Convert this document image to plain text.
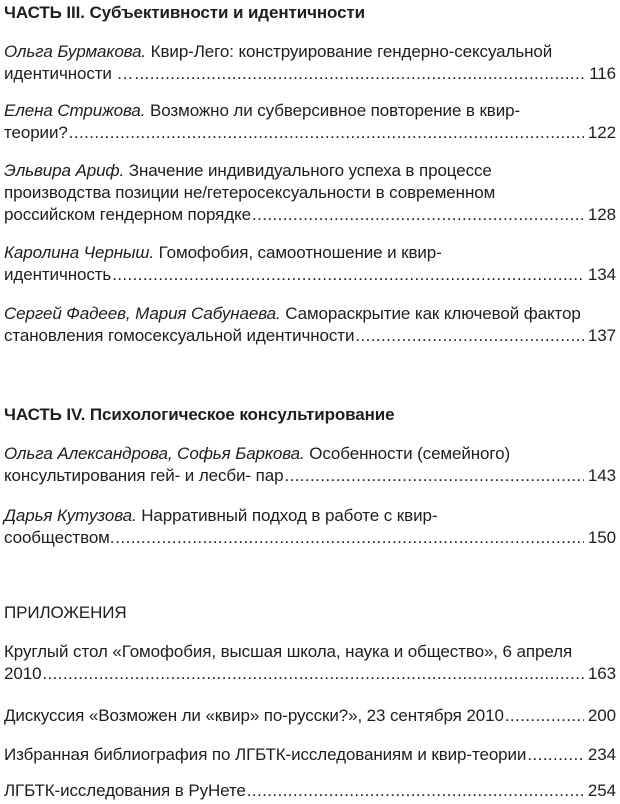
ЧАСТЬ III. Субъективности и идентичности
Ольга Бурмакова. Квир-Лего: конструирование гендерно-сексуальной
идентичности … .....	116
Елена Стрижова. Возможно ли субверсивное повторение в квир-
теории? .....	122
Эльвира Ариф. Значение индивидуального успеха в процессе
производства позиции не/гетеросексуальности в современном
российском гендерном порядке .....	128
Каролина Черныш. Гомофобия, самоотношение и квир-
идентичность .....	134
Сергей Фадеев, Мария Сабунаева. Самораскрытие как ключевой фактор
становления гомосексуальной идентичности .....	137
ЧАСТЬ IV. Психологическое консультирование
Ольга Александрова, Софья Баркова. Особенности (семейного)
консультирования гей- и лесби- пар .....	143
Дарья Кутузова. Нарративный подход в работе с квир-
сообществом. .....	150
ПРИЛОЖЕНИЯ
Круглый стол «Гомофобия, высшая школа, наука и общество», 6 апреля
2010 .....	163
Дискуссия «Возможен ли «квир» по-русски?», 23 сентября 2010 .....	200
Избранная библиография по ЛГБТК-исследованиям и квир-теории .....	234
ЛГБТК-исследования в РуНете .....	254
